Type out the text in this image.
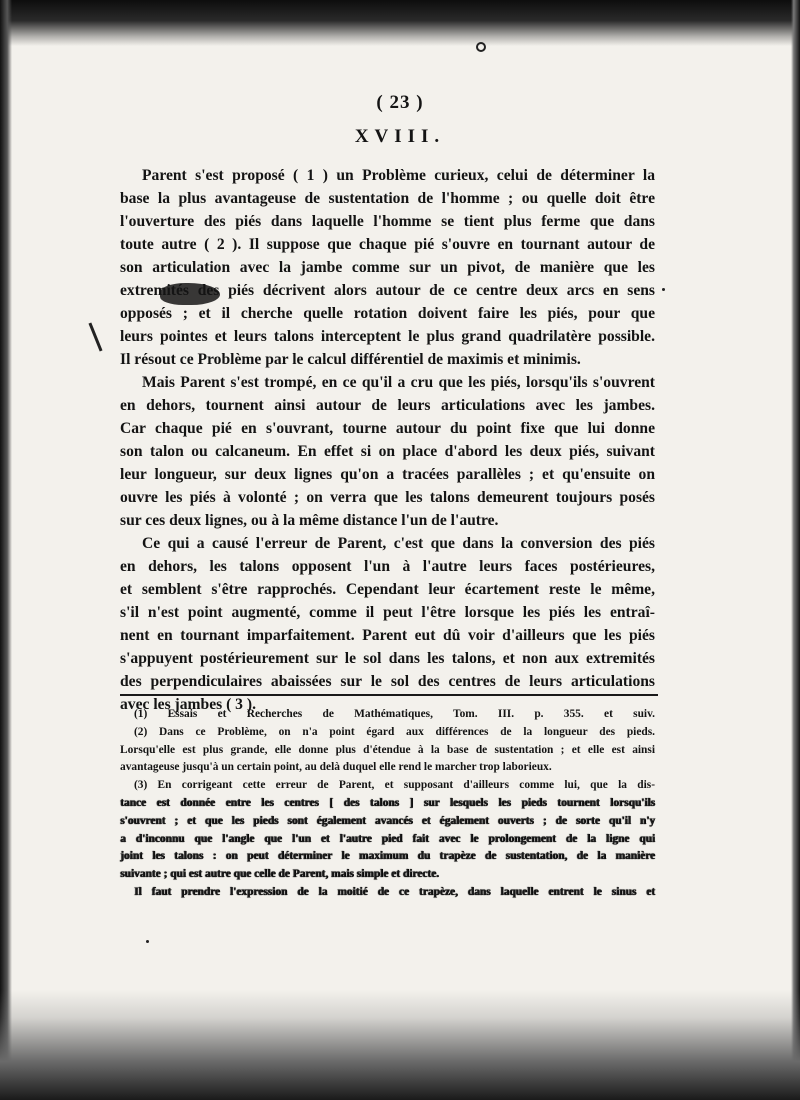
( 23 )
XVIII.
Parent s'est proposé ( 1 ) un Problème curieux, celui de déterminer la
base la plus avantageuse de sustentation de l'homme ; ou quelle doit être
l'ouverture des piés dans laquelle l'homme se tient plus ferme que dans
toute autre ( 2 ). Il suppose que chaque pié s'ouvre en tournant autour de
son articulation avec la jambe comme sur un pivot, de manière que les
extremités des piés décrivent alors autour de ce centre deux arcs en sens
opposés ; et il cherche quelle rotation doivent faire les piés, pour que
leurs pointes et leurs talons interceptent le plus grand quadrilatère possible.
Il résout ce Problème par le calcul différentiel de maximis et minimis.
Mais Parent s'est trompé, en ce qu'il a cru que les piés, lorsqu'ils s'ouvrent
en dehors, tournent ainsi autour de leurs articulations avec les jambes.
Car chaque pié en s'ouvrant, tourne autour du point fixe que lui donne
son talon ou calcaneum. En effet si on place d'abord les deux piés, suivant
leur longueur, sur deux lignes qu'on a tracées parallèles ; et qu'ensuite on
ouvre les piés à volonté ; on verra que les talons demeurent toujours posés
sur ces deux lignes, ou à la même distance l'un de l'autre.
Ce qui a causé l'erreur de Parent, c'est que dans la conversion des piés
en dehors, les talons opposent l'un à l'autre leurs faces postérieures,
et semblent s'être rapprochés. Cependant leur écartement reste le même,
s'il n'est point augmenté, comme il peut l'être lorsque les piés les entraî-
nent en tournant imparfaitement. Parent eut dû voir d'ailleurs que les piés
s'appuyent postérieurement sur le sol dans les talons, et non aux extremités
des perpendiculaires abaissées sur le sol des centres de leurs articulations
avec les jambes ( 3 ).
(1) Essais et Recherches de Mathématiques, Tom. III. p. 355. et suiv.
(2) Dans ce Problème, on n'a point égard aux différences de la longueur des pieds.
Lorsqu'elle est plus grande, elle donne plus d'étendue à la base de sustentation ; et elle est ainsi
avantageuse jusqu'à un certain point, au delà duquel elle rend le marcher trop laborieux.
(3) En corrigeant cette erreur de Parent, et supposant d'ailleurs comme lui, que la dis-
tance est donnée entre les centres [ des talons ] sur lesquels les pieds tournent lorsqu'ils
s'ouvrent ; et que les pieds sont également avancés et également ouverts ; de sorte qu'il n'y
a d'inconnu que l'angle que l'un et l'autre pied fait avec le prolongement de la ligne qui
joint les talons : on peut déterminer le maximum du trapèze de sustentation, de la manière
suivante ; qui est autre que celle de Parent, mais simple et directe.
Il faut prendre l'expression de la moitié de ce trapèze, dans laquelle entrent le sinus et
